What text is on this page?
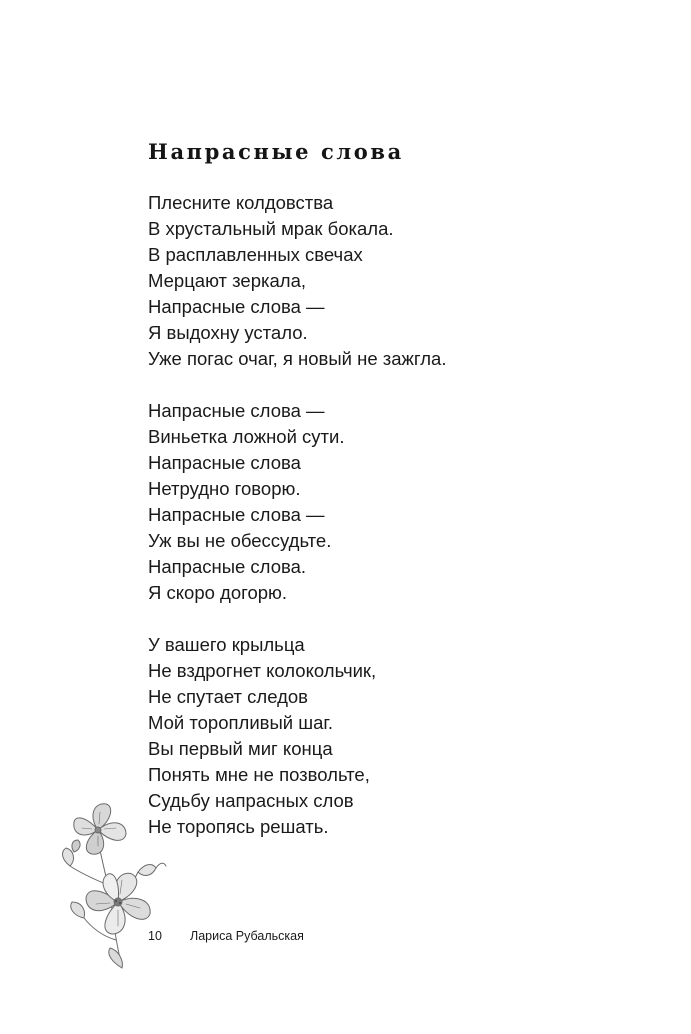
Напрасные слова
Плесните колдовства
В хрустальный мрак бокала.
В расплавленных свечах
Мерцают зеркала,
Напрасные слова —
Я выдохну устало.
Уже погас очаг, я новый не зажгла.
Напрасные слова —
Виньетка ложной сути.
Напрасные слова
Нетрудно говорю.
Напрасные слова —
Уж вы не обессудьте.
Напрасные слова.
Я скоро догорю.
У вашего крыльца
Не вздрогнет колокольчик,
Не спутает следов
Мой торопливый шаг.
Вы первый миг конца
Понять мне не позвольте,
Судьбу напрасных слов
Не торопясь решать.
10 Лариса Рубальская
